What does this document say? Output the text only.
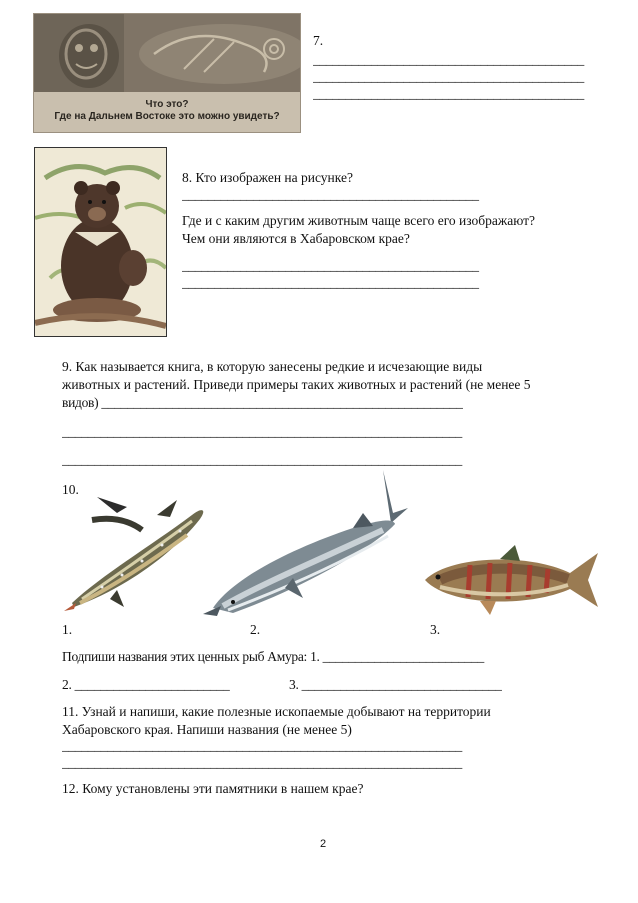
Что это?
Где на Дальнем Востоке это можно увидеть?
7.
__________________________________________
__________________________________________
__________________________________________
8. Кто изображен на рисунке?
______________________________________________
Где и с каким другим животным чаще всего его изображают?
Чем они являются в Хабаровском крае?
______________________________________________
______________________________________________
9. Как называется книга, в которую занесены редкие и исчезающие виды
животных и растений. Приведи примеры таких животных и растений (не менее 5
видов) ________________________________________________________
______________________________________________________________
______________________________________________________________
10.
1.	2.	3.
Подпиши названия этих ценных рыб Амура: 1. _________________________
2. ________________________	3. _______________________________
11. Узнай и напиши, какие полезные ископаемые добывают на территории
Хабаровского края. Напиши названия (не менее 5)
______________________________________________________________
______________________________________________________________
12. Кому установлены эти памятники в нашем крае?
2
